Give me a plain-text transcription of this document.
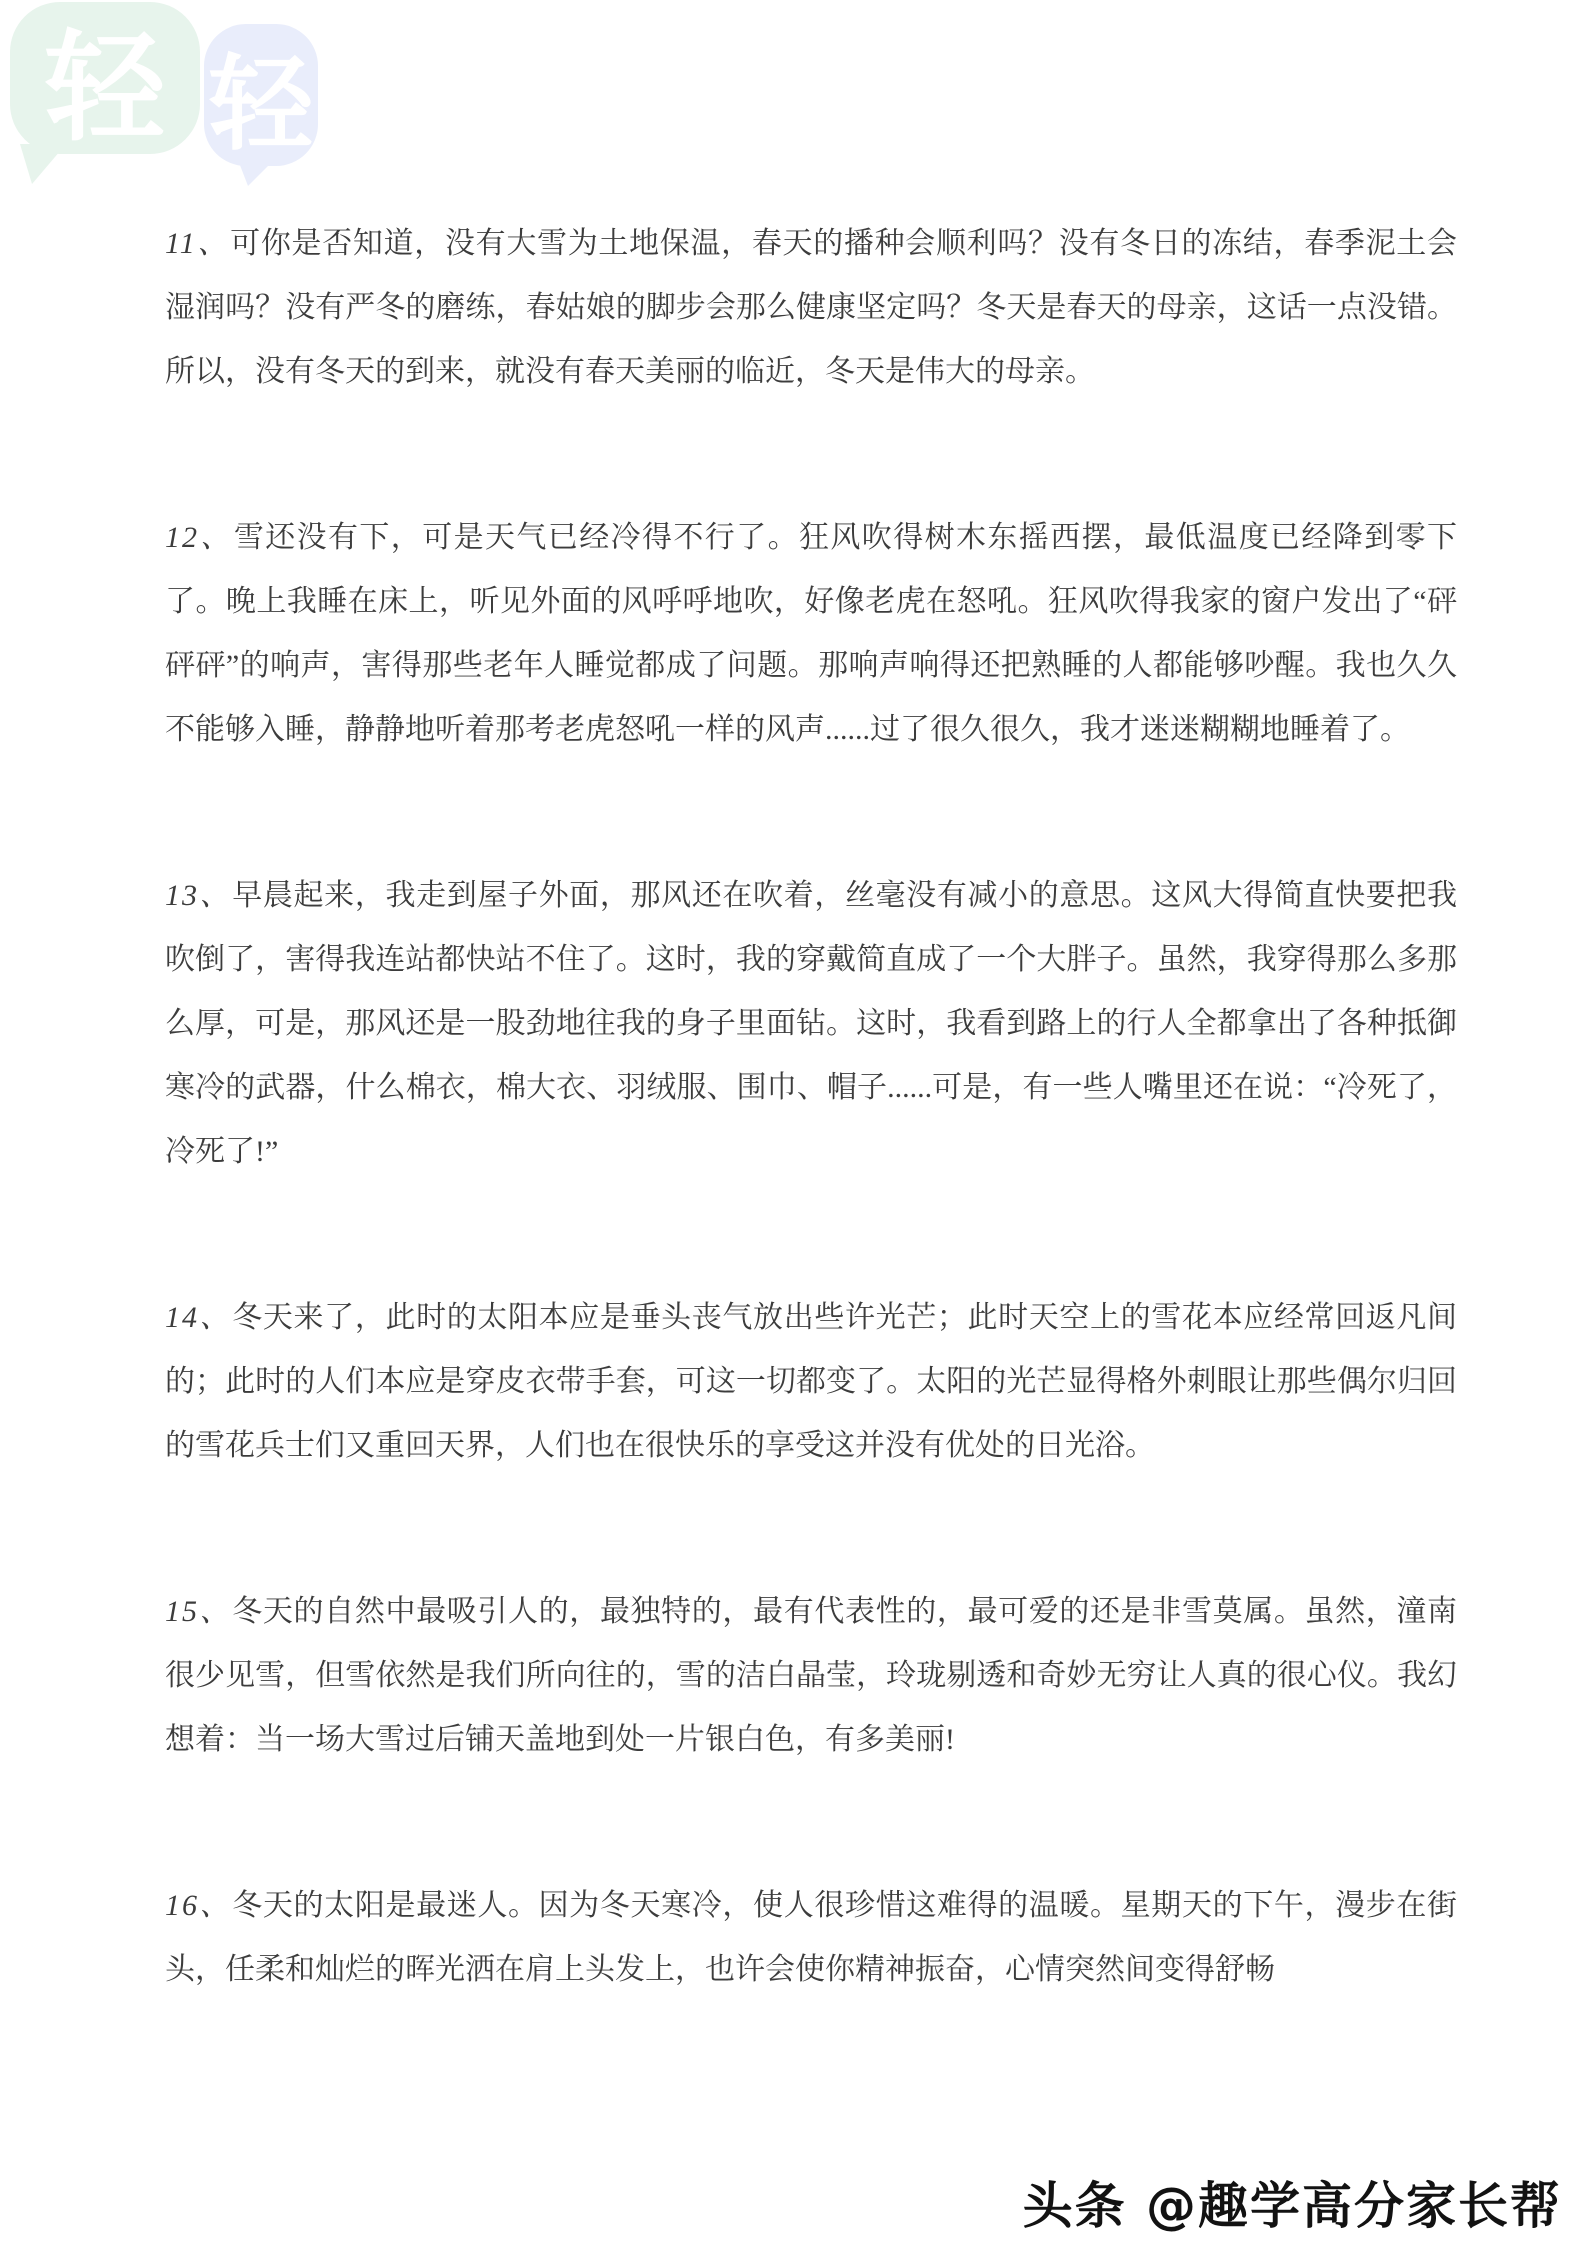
轻 轻

11、可你是否知道，没有大雪为土地保温，春天的播种会顺利吗？没有冬日的冻结，春季泥土会湿润吗？没有严冬的磨练，春姑娘的脚步会那么健康坚定吗？冬天是春天的母亲，这话一点没错。所以，没有冬天的到来，就没有春天美丽的临近，冬天是伟大的母亲。

12、雪还没有下，可是天气已经冷得不行了。狂风吹得树木东摇西摆，最低温度已经降到零下了。晚上我睡在床上，听见外面的风呼呼地吹，好像老虎在怒吼。狂风吹得我家的窗户发出了“砰砰砰”的响声，害得那些老年人睡觉都成了问题。那响声响得还把熟睡的人都能够吵醒。我也久久不能够入睡，静静地听着那考老虎怒吼一样的风声......过了很久很久，我才迷迷糊糊地睡着了。

13、早晨起来，我走到屋子外面，那风还在吹着，丝毫没有减小的意思。这风大得简直快要把我吹倒了，害得我连站都快站不住了。这时，我的穿戴简直成了一个大胖子。虽然，我穿得那么多那么厚，可是，那风还是一股劲地往我的身子里面钻。这时，我看到路上的行人全都拿出了各种抵御寒冷的武器，什么棉衣，棉大衣、羽绒服、围巾、帽子......可是，有一些人嘴里还在说：“冷死了，冷死了!”

14、冬天来了，此时的太阳本应是垂头丧气放出些许光芒；此时天空上的雪花本应经常回返凡间的；此时的人们本应是穿皮衣带手套，可这一切都变了。太阳的光芒显得格外刺眼让那些偶尔归回的雪花兵士们又重回天界，人们也在很快乐的享受这并没有优处的日光浴。

15、冬天的自然中最吸引人的，最独特的，最有代表性的，最可爱的还是非雪莫属。虽然，潼南很少见雪，但雪依然是我们所向往的，雪的洁白晶莹，玲珑剔透和奇妙无穷让人真的很心仪。我幻想着：当一场大雪过后铺天盖地到处一片银白色，有多美丽!

16、冬天的太阳是最迷人。因为冬天寒冷，使人很珍惜这难得的温暖。星期天的下午，漫步在街头，任柔和灿烂的晖光洒在肩上头发上，也许会使你精神振奋，心情突然间变得舒畅

头条 @趣学高分家长帮
